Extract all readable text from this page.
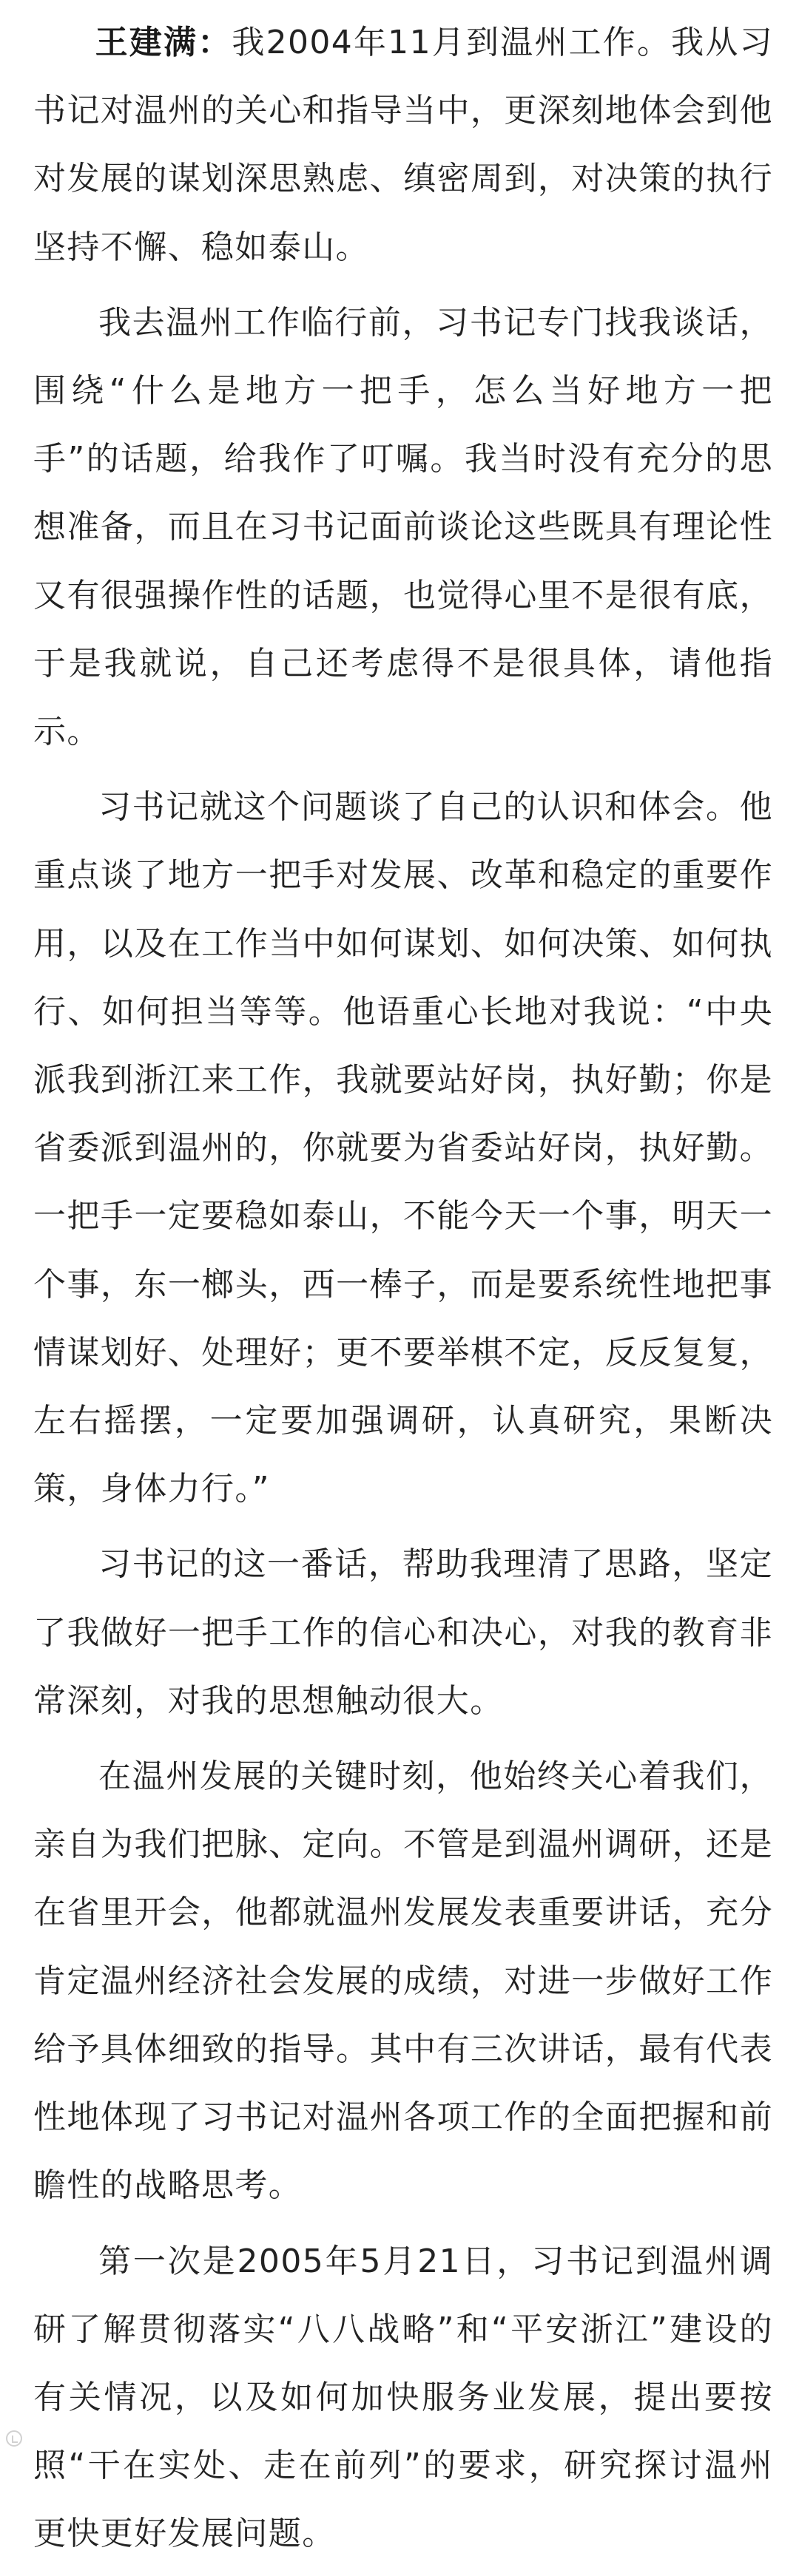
王建满：我2004年11月到温州工作。我从习书记对温州的关心和指导当中，更深刻地体会到他对发展的谋划深思熟虑、缜密周到，对决策的执行坚持不懈、稳如泰山。

我去温州工作临行前，习书记专门找我谈话，围绕“什么是地方一把手，怎么当好地方一把手”的话题，给我作了叮嘱。我当时没有充分的思想准备，而且在习书记面前谈论这些既具有理论性又有很强操作性的话题，也觉得心里不是很有底，于是我就说，自己还考虑得不是很具体，请他指示。

习书记就这个问题谈了自己的认识和体会。他重点谈了地方一把手对发展、改革和稳定的重要作用，以及在工作当中如何谋划、如何决策、如何执行、如何担当等等。他语重心长地对我说：“中央派我到浙江来工作，我就要站好岗，执好勤；你是省委派到温州的，你就要为省委站好岗，执好勤。一把手一定要稳如泰山，不能今天一个事，明天一个事，东一榔头，西一棒子，而是要系统性地把事情谋划好、处理好；更不要举棋不定，反反复复，左右摇摆，一定要加强调研，认真研究，果断决策，身体力行。”

习书记的这一番话，帮助我理清了思路，坚定了我做好一把手工作的信心和决心，对我的教育非常深刻，对我的思想触动很大。

在温州发展的关键时刻，他始终关心着我们，亲自为我们把脉、定向。不管是到温州调研，还是在省里开会，他都就温州发展发表重要讲话，充分肯定温州经济社会发展的成绩，对进一步做好工作给予具体细致的指导。其中有三次讲话，最有代表性地体现了习书记对温州各项工作的全面把握和前瞻性的战略思考。

第一次是2005年5月21日，习书记到温州调研了解贯彻落实“八八战略”和“平安浙江”建设的有关情况，以及如何加快服务业发展，提出要按照“干在实处、走在前列”的要求，研究探讨温州更快更好发展问题。
